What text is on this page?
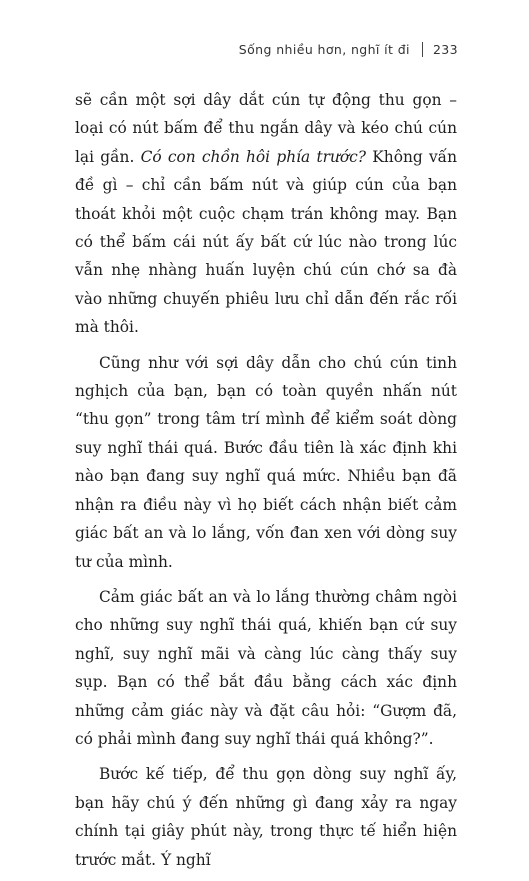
Sống nhiều hơn, nghĩ ít đi 233

sẽ cần một sợi dây dắt cún tự động thu gọn – loại có nút bấm để thu ngắn dây và kéo chú cún lại gần. Có con chồn hôi phía trước? Không vấn đề gì – chỉ cần bấm nút và giúp cún của bạn thoát khỏi một cuộc chạm trán không may. Bạn có thể bấm cái nút ấy bất cứ lúc nào trong lúc vẫn nhẹ nhàng huấn luyện chú cún chớ sa đà vào những chuyến phiêu lưu chỉ dẫn đến rắc rối mà thôi.

Cũng như với sợi dây dẫn cho chú cún tinh nghịch của bạn, bạn có toàn quyền nhấn nút “thu gọn” trong tâm trí mình để kiểm soát dòng suy nghĩ thái quá. Bước đầu tiên là xác định khi nào bạn đang suy nghĩ quá mức. Nhiều bạn đã nhận ra điều này vì họ biết cách nhận biết cảm giác bất an và lo lắng, vốn đan xen với dòng suy tư của mình.

Cảm giác bất an và lo lắng thường châm ngòi cho những suy nghĩ thái quá, khiến bạn cứ suy nghĩ, suy nghĩ mãi và càng lúc càng thấy suy sụp. Bạn có thể bắt đầu bằng cách xác định những cảm giác này và đặt câu hỏi: “Gượm đã, có phải mình đang suy nghĩ thái quá không?”.

Bước kế tiếp, để thu gọn dòng suy nghĩ ấy, bạn hãy chú ý đến những gì đang xảy ra ngay chính tại giây phút này, trong thực tế hiển hiện trước mắt. Ý nghĩ
